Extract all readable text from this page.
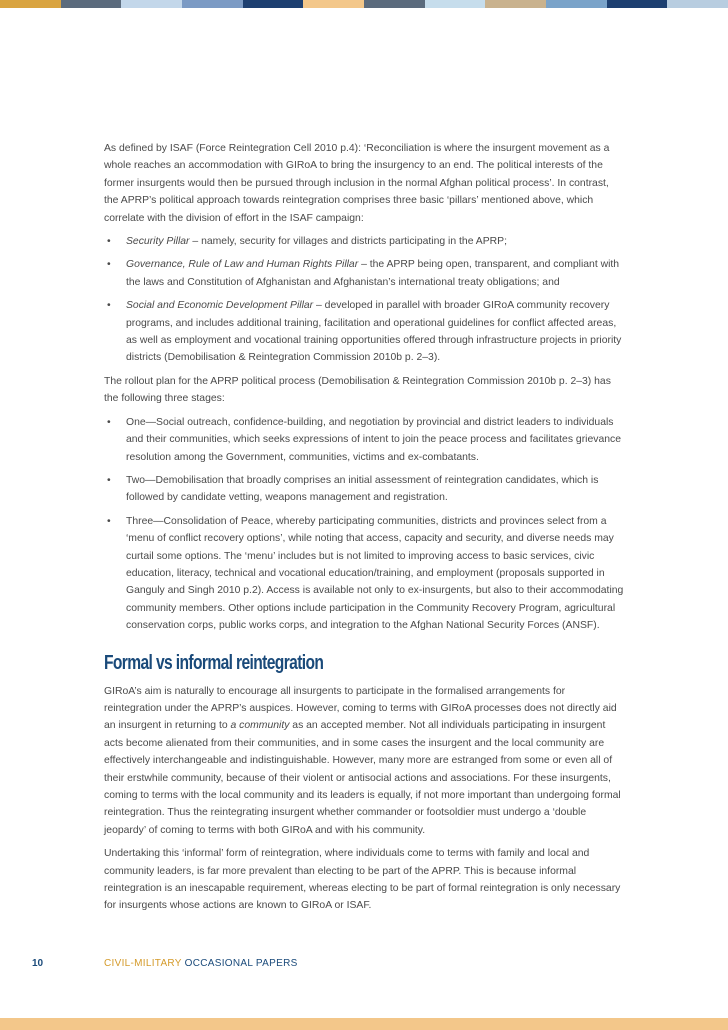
As defined by ISAF (Force Reintegration Cell 2010 p.4): ‘Reconciliation is where the insurgent movement as a whole reaches an accommodation with GIRoA to bring the insurgency to an end. The political interests of the former insurgents would then be pursued through inclusion in the normal Afghan political process’. In contrast, the APRP’s political approach towards reintegration comprises three basic ‘pillars’ mentioned above, which correlate with the division of effort in the ISAF campaign:

• Security Pillar – namely, security for villages and districts participating in the APRP;
• Governance, Rule of Law and Human Rights Pillar – the APRP being open, transparent, and compliant with the laws and Constitution of Afghanistan and Afghanistan’s international treaty obligations; and
• Social and Economic Development Pillar – developed in parallel with broader GIRoA community recovery programs, and includes additional training, facilitation and operational guidelines for conflict affected areas, as well as employment and vocational training opportunities offered through infrastructure projects in priority districts (Demobilisation & Reintegration Commission 2010b p. 2–3).

The rollout plan for the APRP political process (Demobilisation & Reintegration Commission 2010b p. 2–3) has the following three stages:

• One—Social outreach, confidence-building, and negotiation by provincial and district leaders to individuals and their communities, which seeks expressions of intent to join the peace process and facilitates grievance resolution among the Government, communities, victims and ex-combatants.
• Two—Demobilisation that broadly comprises an initial assessment of reintegration candidates, which is followed by candidate vetting, weapons management and registration.
• Three—Consolidation of Peace, whereby participating communities, districts and provinces select from a ‘menu of conflict recovery options’, while noting that access, capacity and security, and diverse needs may curtail some options. The ‘menu’ includes but is not limited to improving access to basic services, civic education, literacy, technical and vocational education/training, and employment (proposals supported in Ganguly and Singh 2010 p.2). Access is available not only to ex-insurgents, but also to their accommodating community members. Other options include participation in the Community Recovery Program, agricultural conservation corps, public works corps, and integration to the Afghan National Security Forces (ANSF).
Formal vs informal reintegration

GIRoA’s aim is naturally to encourage all insurgents to participate in the formalised arrangements for reintegration under the APRP’s auspices. However, coming to terms with GIRoA processes does not directly aid an insurgent in returning to a community as an accepted member. Not all individuals participating in insurgent acts become alienated from their communities, and in some cases the insurgent and the local community are effectively interchangeable and indistinguishable. However, many more are estranged from some or even all of their erstwhile community, because of their violent or antisocial actions and associations. For these insurgents, coming to terms with the local community and its leaders is equally, if not more important than undergoing formal reintegration. Thus the reintegrating insurgent whether commander or footsoldier must undergo a ‘double jeopardy’ of coming to terms with both GIRoA and with his community.

Undertaking this ‘informal’ form of reintegration, where individuals come to terms with family and local and community leaders, is far more prevalent than electing to be part of the APRP. This is because informal reintegration is an inescapable requirement, whereas electing to be part of formal reintegration is only necessary for insurgents whose actions are known to GIRoA or ISAF.

10	CIVIL-MILITARY OCCASIONAL PAPERS
